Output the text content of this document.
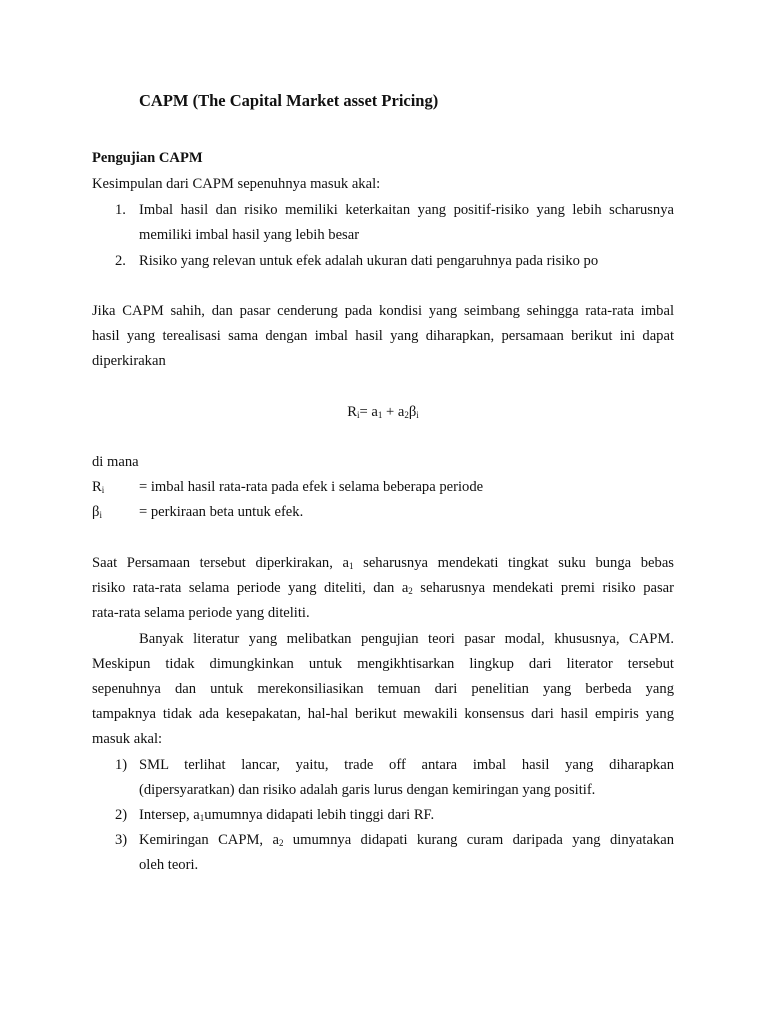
CAPM (The Capital Market asset Pricing)
Pengujian CAPM
Kesimpulan dari CAPM sepenuhnya masuk akal:
1. Imbal hasil dan risiko memiliki keterkaitan yang positif-risiko yang lebih scharusnya
memiliki imbal hasil yang lebih besar
2. Risiko yang relevan untuk efek adalah ukuran dati pengaruhnya pada risiko po
Jika CAPM sahih, dan pasar cenderung pada kondisi yang seimbang sehingga rata-rata imbal
hasil yang terealisasi sama dengan imbal hasil yang diharapkan, persamaan berikut ini dapat
diperkirakan
$R_i= a_1 + a_2\beta_i$
di mana
$R_i$ = imbal hasil rata-rata pada efek i selama beberapa periode
$\beta_i$	= perkiraan beta untuk efek.
Saat Persamaan tersebut diperkirakan, $a_1$ seharusnya mendekati tingkat suku bunga bebas
risiko rata-rata selama periode yang diteliti, dan $a_2$ seharusnya mendekati premi risiko pasar
rata-rata selama periode yang diteliti.
Banyak literatur yang melibatkan pengujian teori pasar modal, khususnya, CAPM.
Meskipun tidak dimungkinkan untuk mengikhtisarkan lingkup dari literator tersebut
sepenuhnya dan untuk merekonsiliasikan temuan dari penelitian yang berbeda yang
tampaknya tidak ada kesepakatan, hal-hal berikut mewakili konsensus dari hasil empiris yang
masuk akal:
1) SML terlihat lancar, yaitu, trade off antara imbal hasil yang diharapkan
(dipersyaratkan) dan risiko adalah garis lurus dengan kemiringan yang positif.
2) Intersep, $a_1umumnya$ didapati lebih tinggi dari RF.
3) Kemiringan CAPM, $a_2$ umumnya didapati kurang curam daripada yang dinyatakan
oleh teori.
